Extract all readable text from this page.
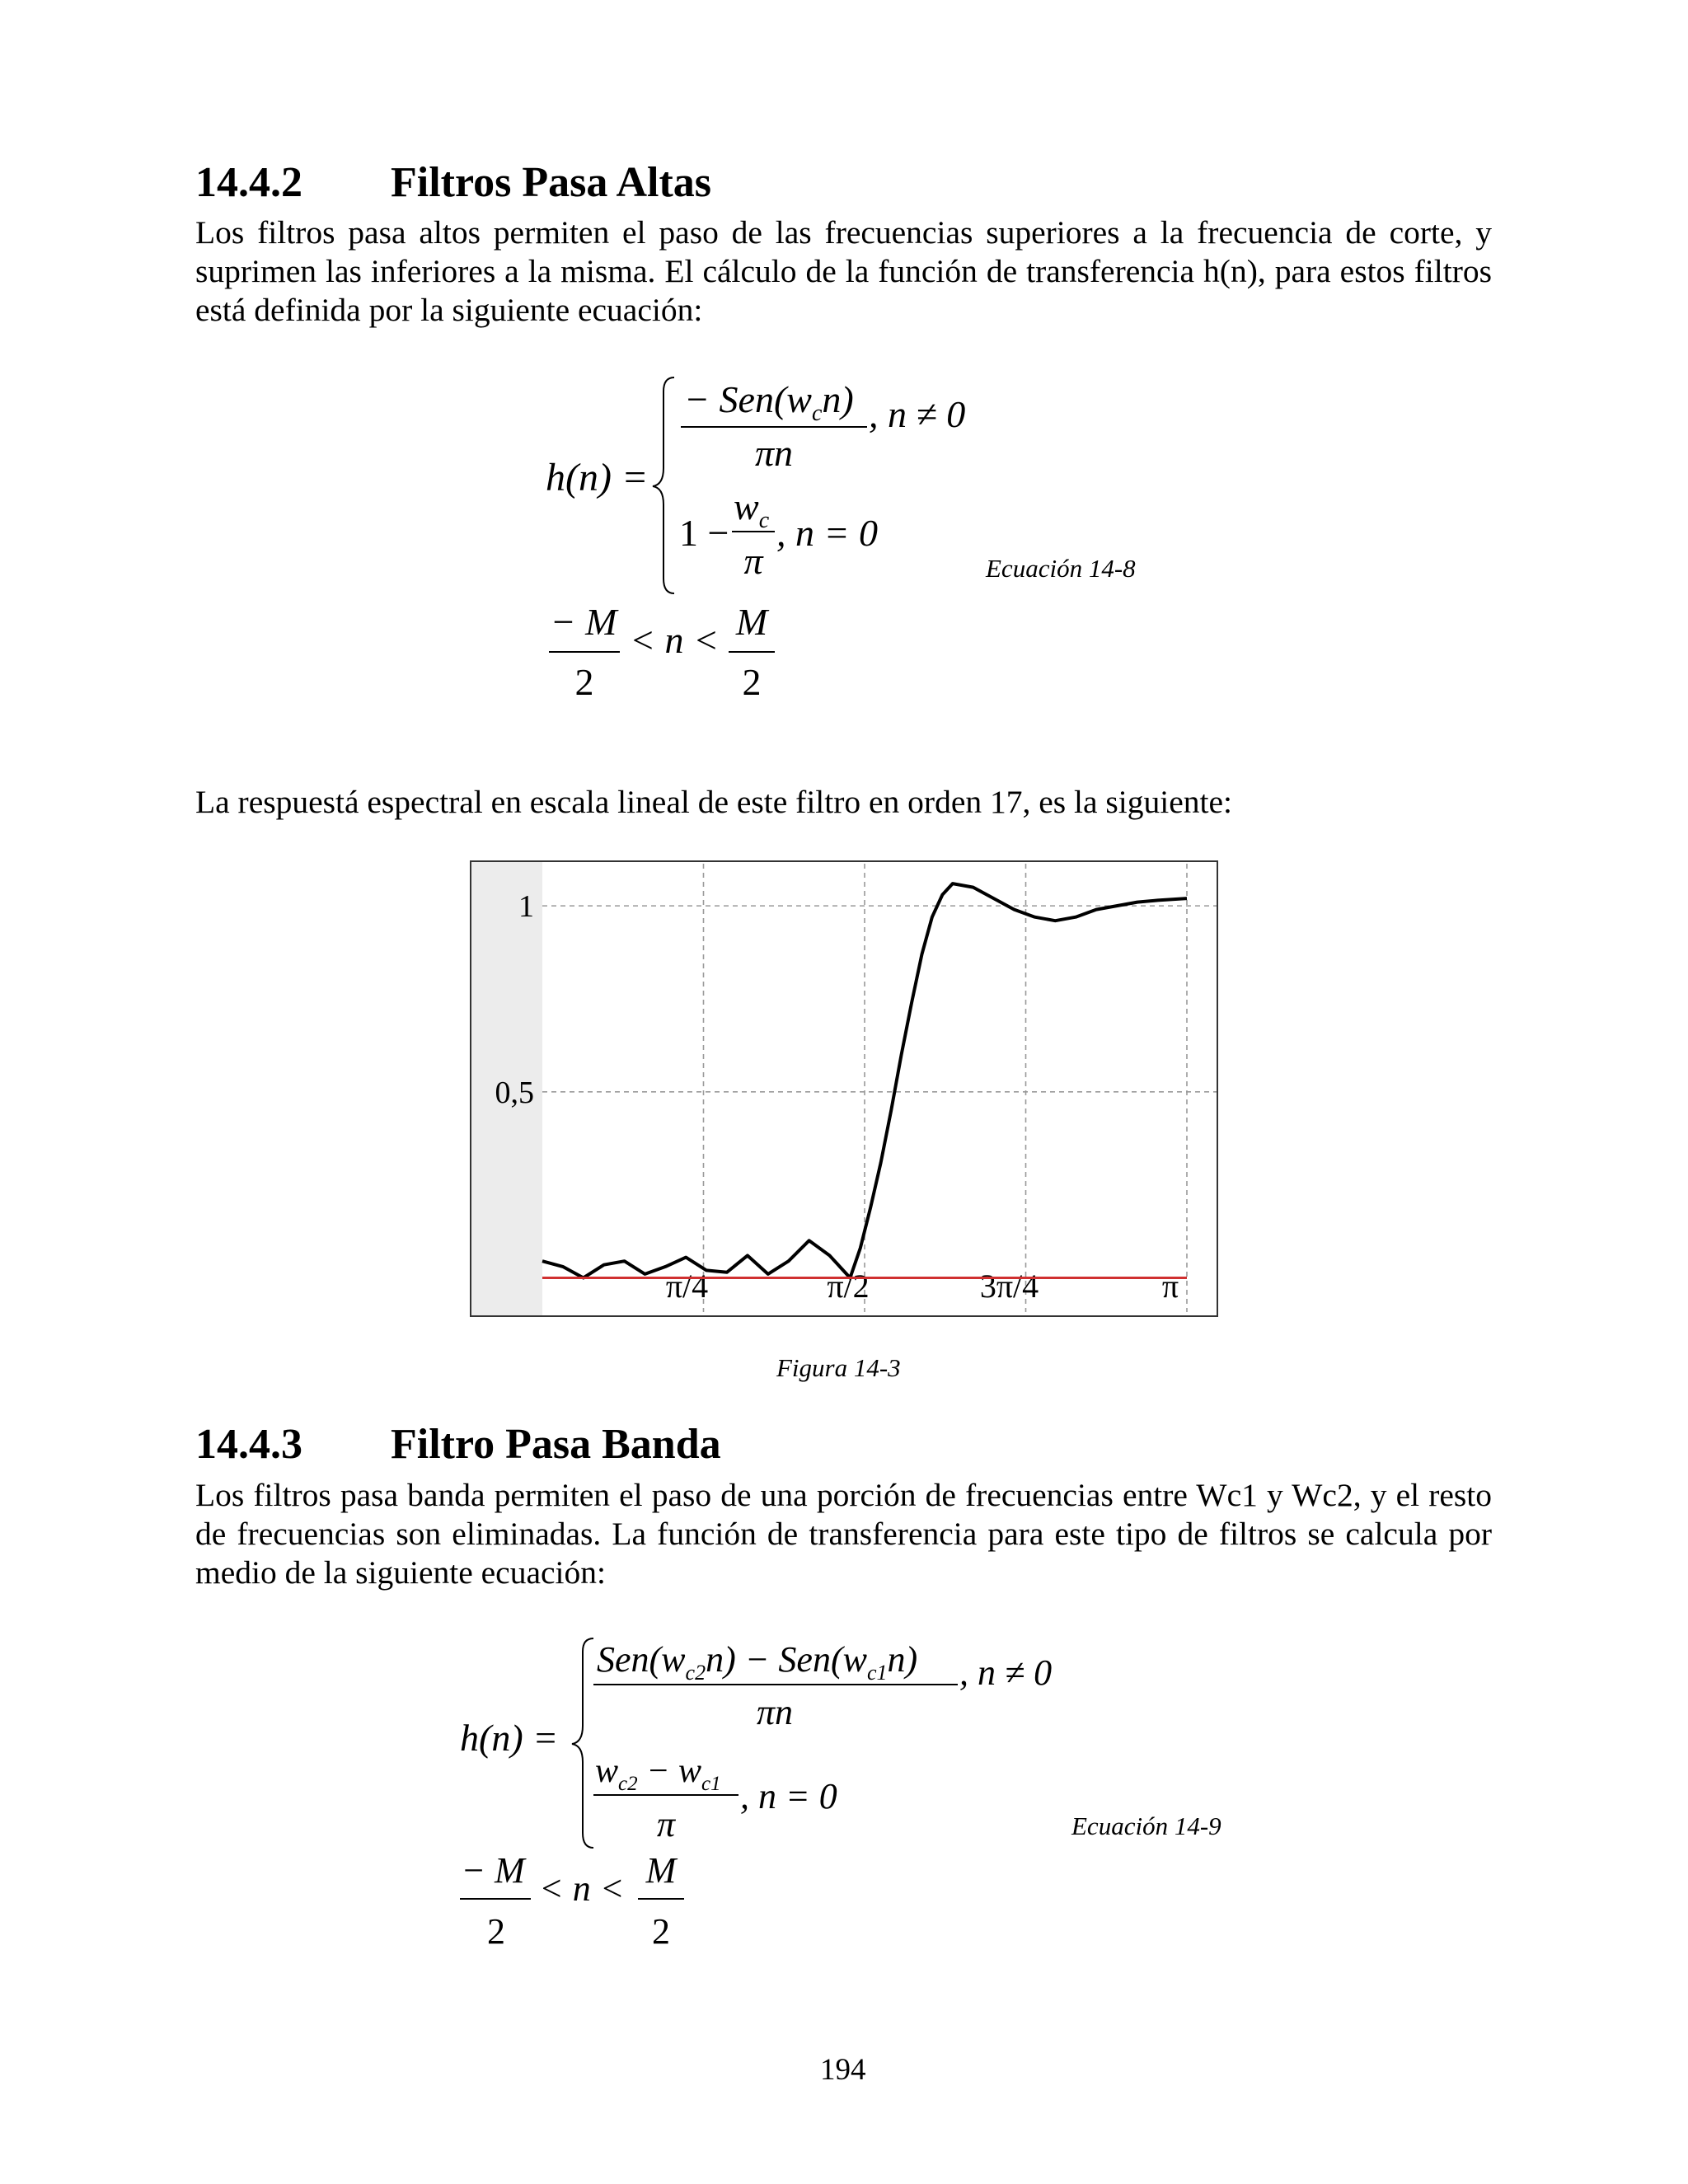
14.4.2 Filtros Pasa Altas

Los filtros pasa altos permiten el paso de las frecuencias superiores a la frecuencia de corte, y suprimen las inferiores a la misma. El cálculo de la función de transferencia h(n), para estos filtros está definida por la siguiente ecuación:

h(n) =
− $Sen(w_cn)$
πn
, n ≠ 0
1 −
$w_c$
π
, n = 0
− M
2
< n < M
2
Ecuación 14-8

La respuestá espectral en escala lineal de este filtro en orden 17, es la siguiente:

π/4	π/2	3π/4	π
1
0,5
Figura 14-3
14.4.3 Filtro Pasa Banda

Los filtros pasa banda permiten el paso de una porción de frecuencias entre Wc1 y Wc2, y el resto de frecuencias son eliminadas. La función de transferencia para este tipo de filtros se calcula por medio de la siguiente ecuación:

h(n) =
$Sen(w_{c2}n) - Sen(w_{c1}n)$
πn
, n ≠ 0
$w_{c2} - w_{c1}$
π
, n = 0
− M
2
< n < M
2
Ecuación 14-9
194
